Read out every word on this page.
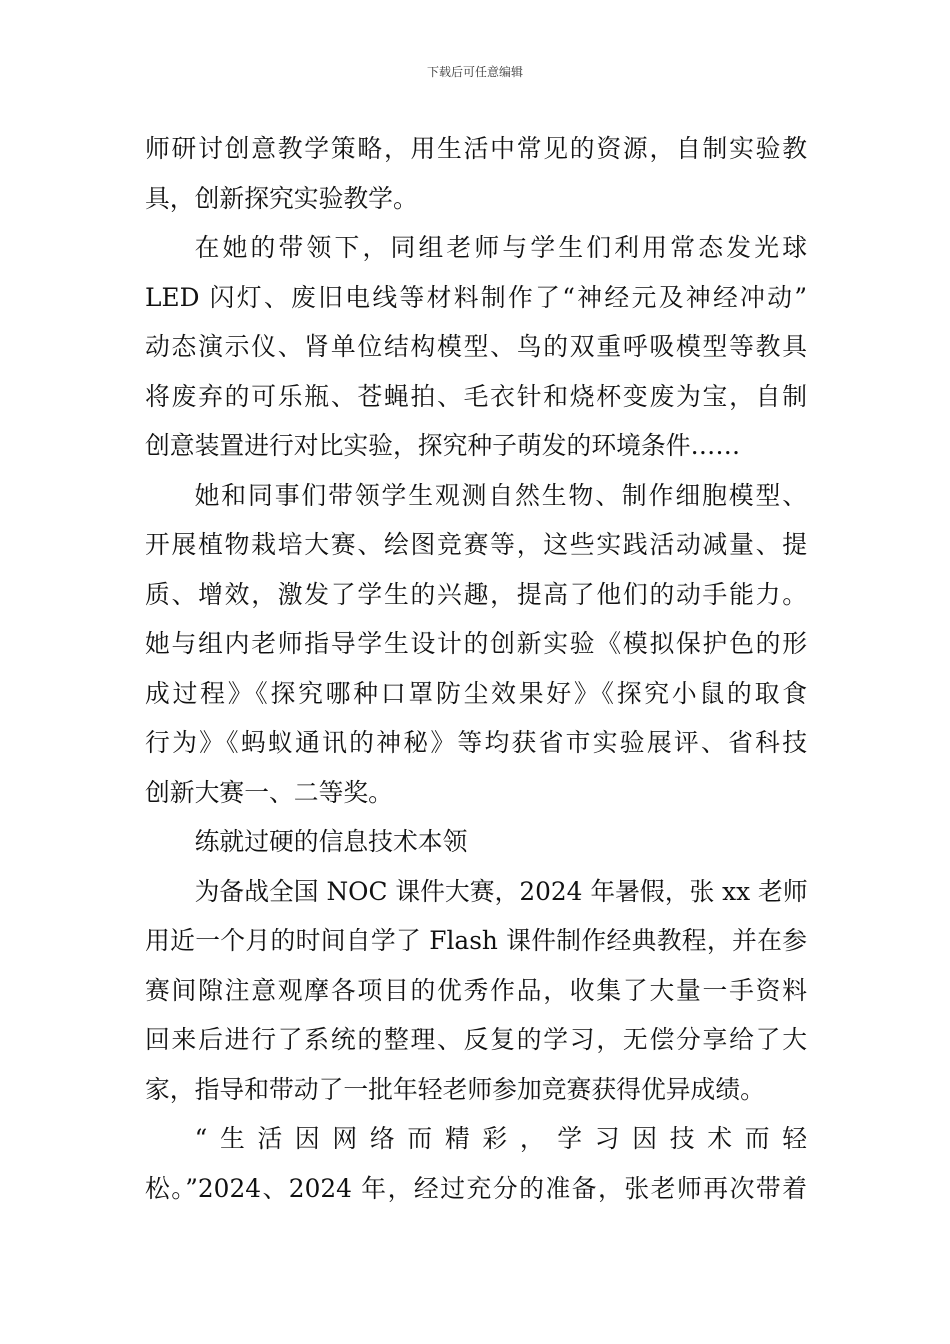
下载后可任意编辑
师研讨创意教学策略，用生活中常见的资源，自制实验教
具，创新探究实验教学。
在她的带领下，同组老师与学生们利用常态发光球
LED 闪灯、废旧电线等材料制作了“神经元及神经冲动”
动态演示仪、肾单位结构模型、鸟的双重呼吸模型等教具
将废弃的可乐瓶、苍蝇拍、毛衣针和烧杯变废为宝，自制
创意装置进行对比实验，探究种子萌发的环境条件……
她和同事们带领学生观测自然生物、制作细胞模型、
开展植物栽培大赛、绘图竞赛等，这些实践活动减量、提
质、增效，激发了学生的兴趣，提高了他们的动手能力。
她与组内老师指导学生设计的创新实验《模拟保护色的形
成过程》《探究哪种口罩防尘效果好》《探究小鼠的取食
行为》《蚂蚁通讯的神秘》等均获省市实验展评、省科技
创新大赛一、二等奖。
练就过硬的信息技术本领
为备战全国 NOC 课件大赛，2024 年暑假，张 xx 老师
用近一个月的时间自学了 Flash 课件制作经典教程，并在参
赛间隙注意观摩各项目的优秀作品，收集了大量一手资料
回来后进行了系统的整理、反复的学习，无偿分享给了大
家，指导和带动了一批年轻老师参加竞赛获得优异成绩。
“生活因网络而精彩，学习因技术而轻
松。”2024、2024 年，经过充分的准备，张老师再次带着
